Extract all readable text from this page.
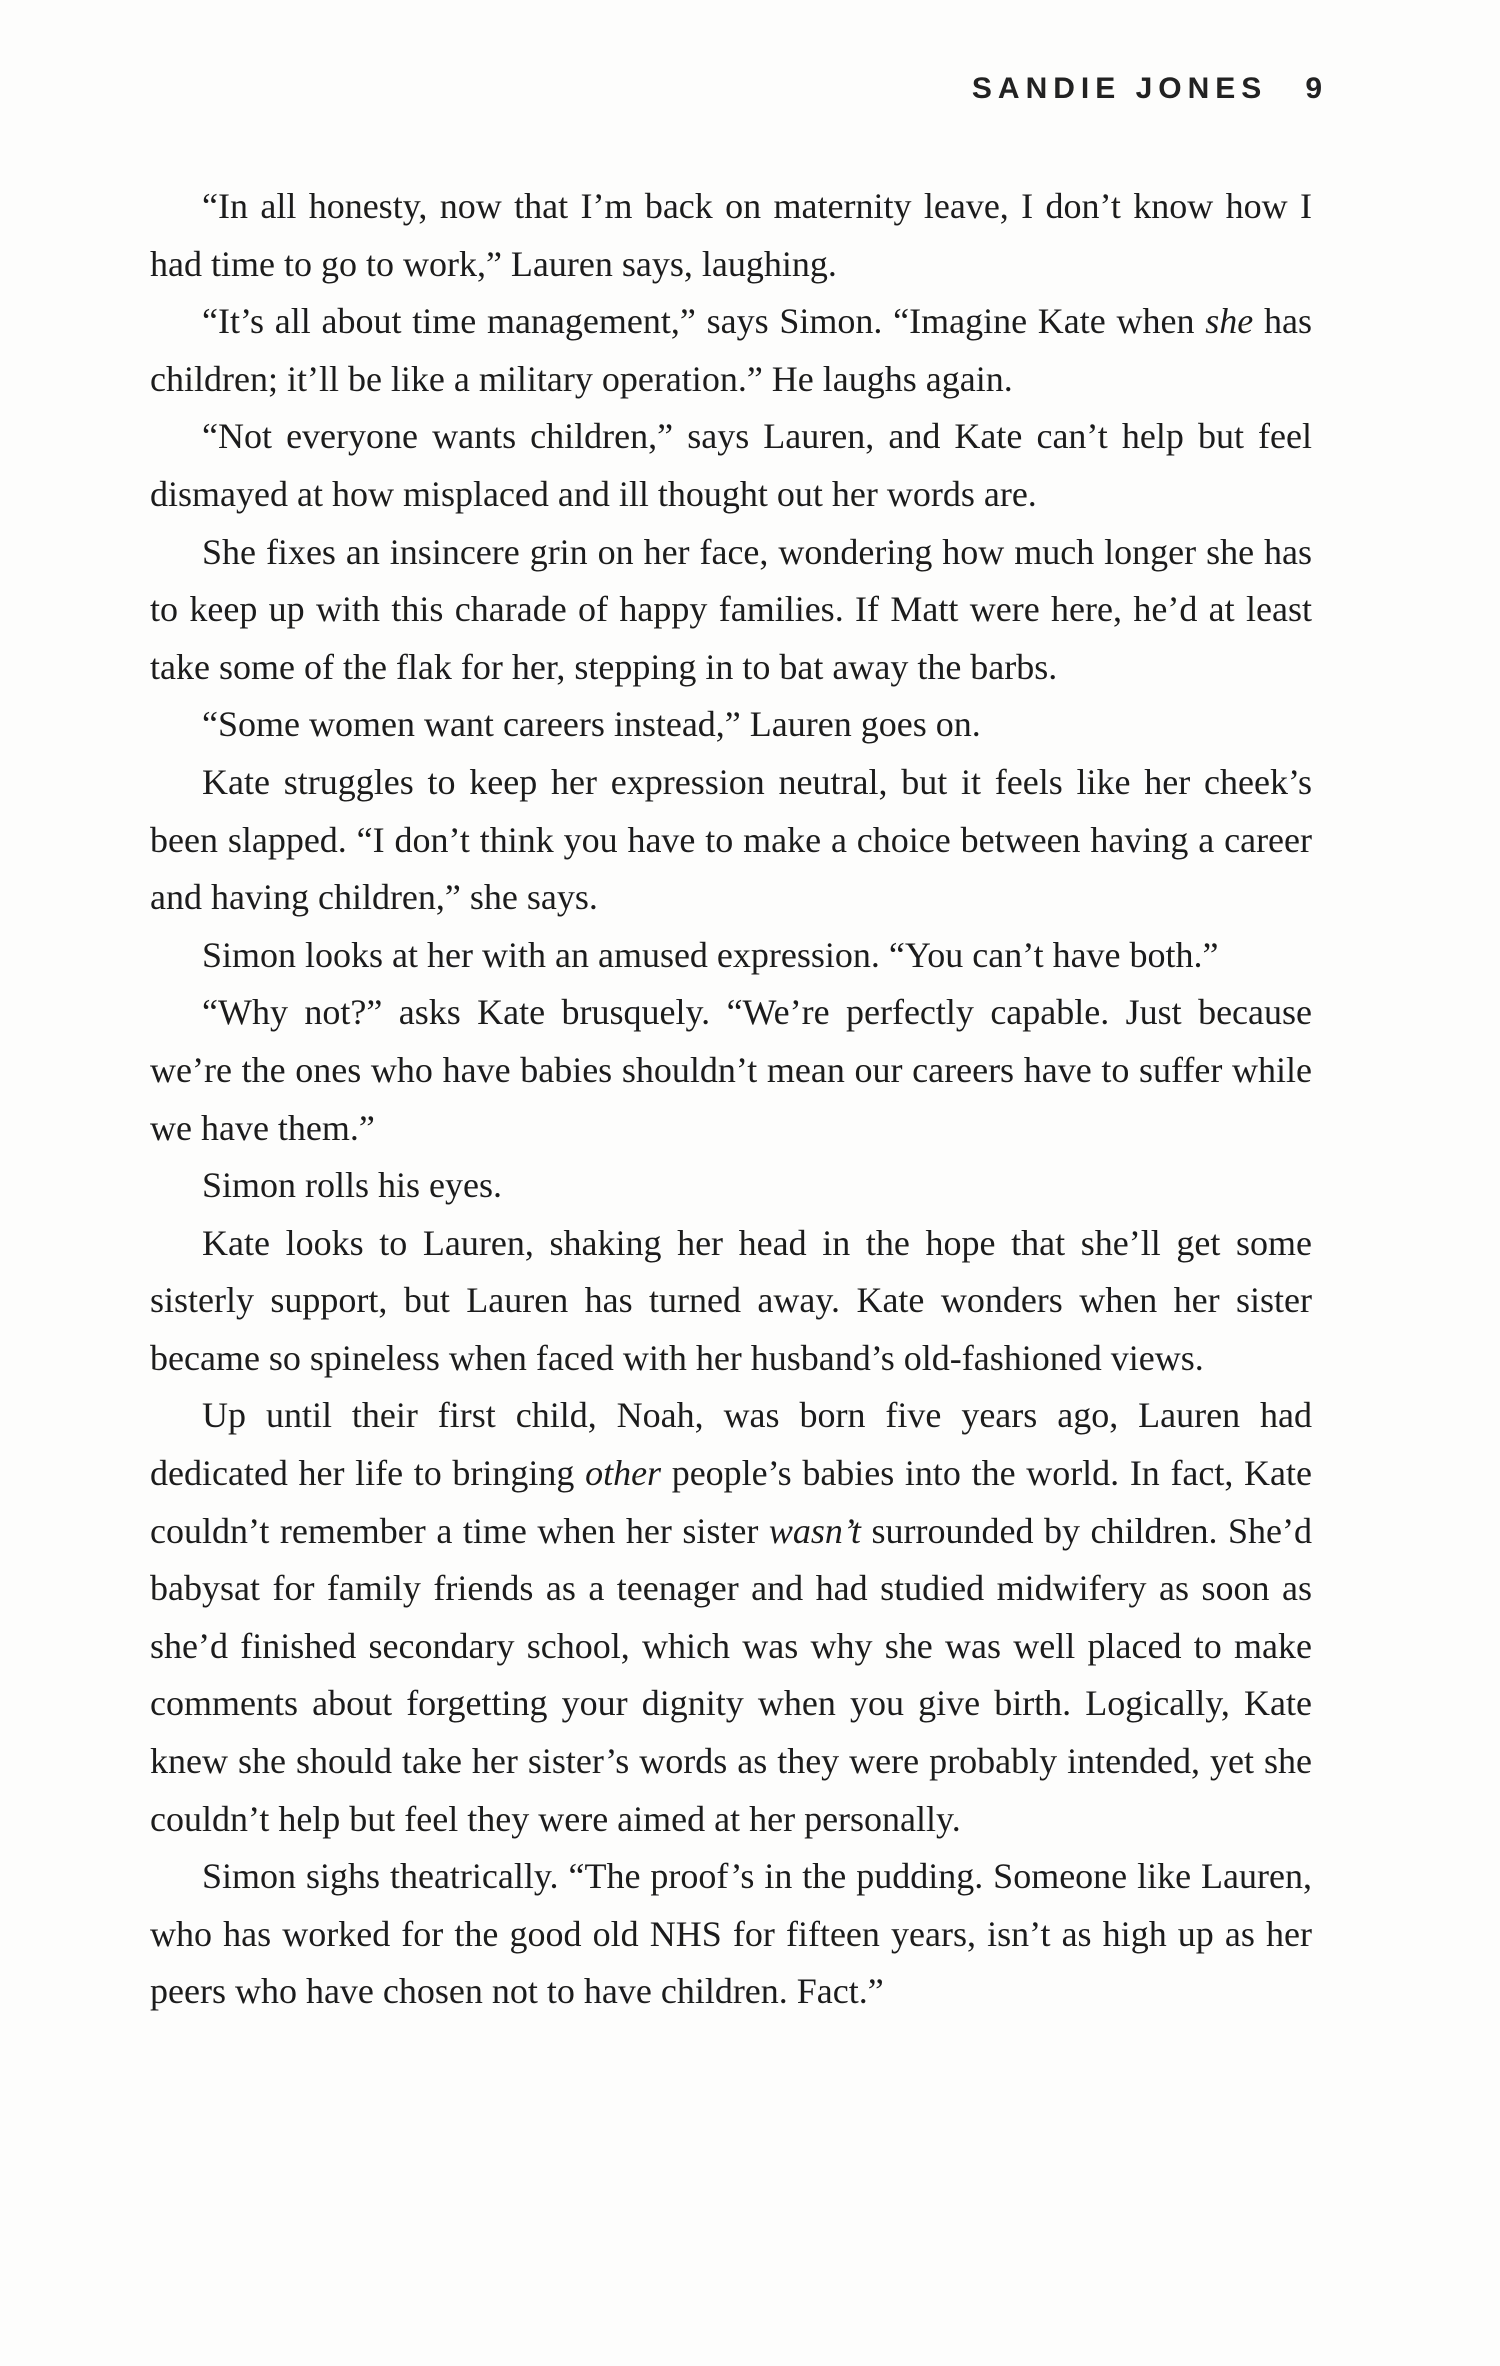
SANDIE JONES 9

“In all honesty, now that I’m back on maternity leave, I don’t know how I had time to go to work,” Lauren says, laughing.

“It’s all about time management,” says Simon. “Imagine Kate when she has children; it’ll be like a military operation.” He laughs again.

“Not everyone wants children,” says Lauren, and Kate can’t help but feel dismayed at how misplaced and ill thought out her words are.

She fixes an insincere grin on her face, wondering how much longer she has to keep up with this charade of happy families. If Matt were here, he’d at least take some of the flak for her, stepping in to bat away the barbs.

“Some women want careers instead,” Lauren goes on.

Kate struggles to keep her expression neutral, but it feels like her cheek’s been slapped. “I don’t think you have to make a choice between having a career and having children,” she says.

Simon looks at her with an amused expression. “You can’t have both.”

“Why not?” asks Kate brusquely. “We’re perfectly capable. Just because we’re the ones who have babies shouldn’t mean our careers have to suffer while we have them.”

Simon rolls his eyes.

Kate looks to Lauren, shaking her head in the hope that she’ll get some sisterly support, but Lauren has turned away. Kate wonders when her sister became so spineless when faced with her husband’s old-fashioned views.

Up until their first child, Noah, was born five years ago, Lauren had dedicated her life to bringing other people’s babies into the world. In fact, Kate couldn’t remember a time when her sister wasn’t surrounded by children. She’d babysat for family friends as a teenager and had studied midwifery as soon as she’d finished secondary school, which was why she was well placed to make comments about forgetting your dignity when you give birth. Logically, Kate knew she should take her sister’s words as they were probably intended, yet she couldn’t help but feel they were aimed at her personally.

Simon sighs theatrically. “The proof’s in the pudding. Someone like Lauren, who has worked for the good old NHS for fifteen years, isn’t as high up as her peers who have chosen not to have children. Fact.”
